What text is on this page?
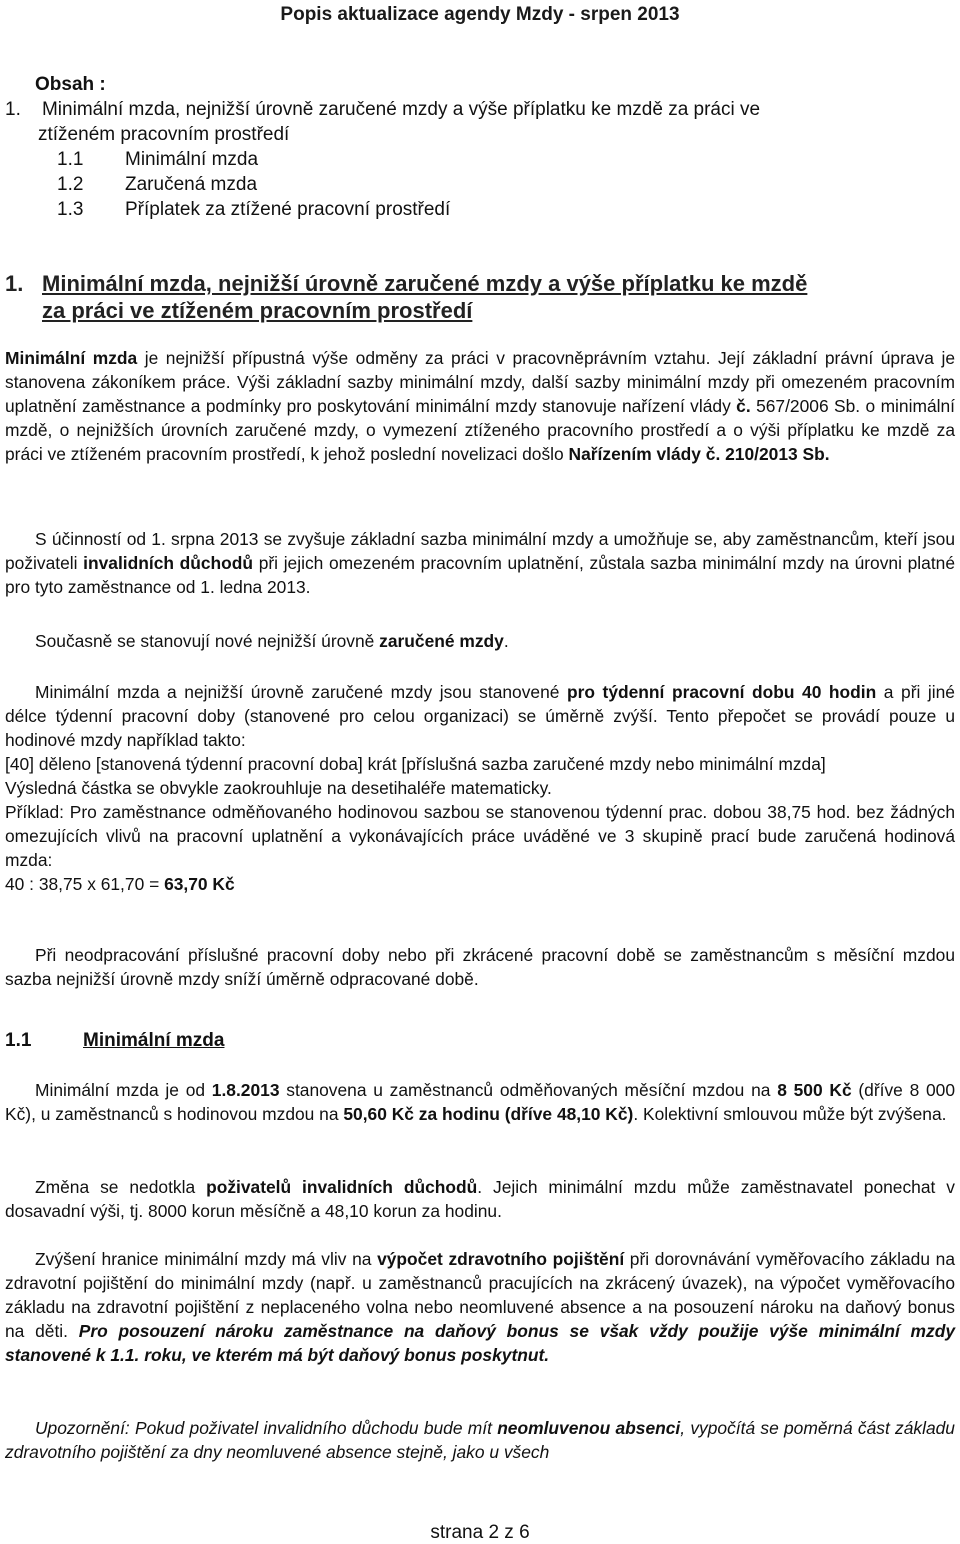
Popis aktualizace agendy Mzdy - srpen 2013
Obsah :
1. Minimální mzda, nejnižší úrovně zaručené mzdy a výše příplatku ke mzdě za práci ve
ztíženém pracovním prostředí
1.1 Minimální mzda
1.2 Zaručená mzda
1.3 Příplatek za ztížené pracovní prostředí
1. Minimální mzda, nejnižší úrovně zaručené mzdy a výše příplatku ke mzdě
za práci ve ztíženém pracovním prostředí

Minimální mzda je nejnižší přípustná výše odměny za práci v pracovněprávním vztahu. Její základní právní úprava je stanovena zákoníkem práce. Výši základní sazby minimální mzdy, další sazby minimální mzdy při omezeném pracovním uplatnění zaměstnance a podmínky pro poskytování minimální mzdy stanovuje nařízení vlády č. 567/2006 Sb. o minimální mzdě, o nejnižších úrovních zaručené mzdy, o vymezení ztíženého pracovního prostředí a o výši příplatku ke mzdě za práci ve ztíženém pracovním prostředí, k jehož poslední novelizaci došlo Nařízením vlády č. 210/2013 Sb.

S účinností od 1. srpna 2013 se zvyšuje základní sazba minimální mzdy a umožňuje se, aby zaměstnancům, kteří jsou poživateli invalidních důchodů při jejich omezeném pracovním uplatnění, zůstala sazba minimální mzdy na úrovni platné pro tyto zaměstnance od 1. ledna 2013.

Současně se stanovují nové nejnižší úrovně zaručené mzdy.

Minimální mzda a nejnižší úrovně zaručené mzdy jsou stanovené pro týdenní pracovní dobu 40 hodin a při jiné délce týdenní pracovní doby (stanovené pro celou organizaci) se úměrně zvýší. Tento přepočet se provádí pouze u hodinové mzdy například takto:

[40] děleno [stanovená týdenní pracovní doba] krát [příslušná sazba zaručené mzdy nebo minimální mzda]

Výsledná částka se obvykle zaokrouhluje na desetihaléře matematicky.

Příklad: Pro zaměstnance odměňovaného hodinovou sazbou se stanovenou týdenní prac. dobou 38,75 hod. bez žádných omezujících vlivů na pracovní uplatnění a vykonávajících práce uváděné ve 3 skupině prací bude zaručená hodinová mzda:

40 : 38,75 x 61,70 = 63,70 Kč

Při neodpracování příslušné pracovní doby nebo při zkrácené pracovní době se zaměstnancům s měsíční mzdou sazba nejnižší úrovně mzdy sníží úměrně odpracované době.

1.1	Minimální mzda

Minimální mzda je od 1.8.2013 stanovena u zaměstnanců odměňovaných měsíční mzdou na 8 500 Kč (dříve 8 000 Kč), u zaměstnanců s hodinovou mzdou na 50,60 Kč za hodinu (dříve 48,10 Kč). Kolektivní smlouvou může být zvýšena.

Změna se nedotkla poživatelů invalidních důchodů. Jejich minimální mzdu může zaměstnavatel ponechat v dosavadní výši, tj. 8000 korun měsíčně a 48,10 korun za hodinu.

Zvýšení hranice minimální mzdy má vliv na výpočet zdravotního pojištění při dorovnávání vyměřovacího základu na zdravotní pojištění do minimální mzdy (např. u zaměstnanců pracujících na zkrácený úvazek), na výpočet vyměřovacího základu na zdravotní pojištění z neplaceného volna nebo neomluvené absence a na posouzení nároku na daňový bonus na děti. Pro posouzení nároku zaměstnance na daňový bonus se však vždy použije výše minimální mzdy stanovené k 1.1. roku, ve kterém má být daňový bonus poskytnut.

Upozornění: Pokud poživatel invalidního důchodu bude mít neomluvenou absenci, vypočítá se poměrná část základu zdravotního pojištění za dny neomluvené absence stejně, jako u všech

strana 2 z 6
